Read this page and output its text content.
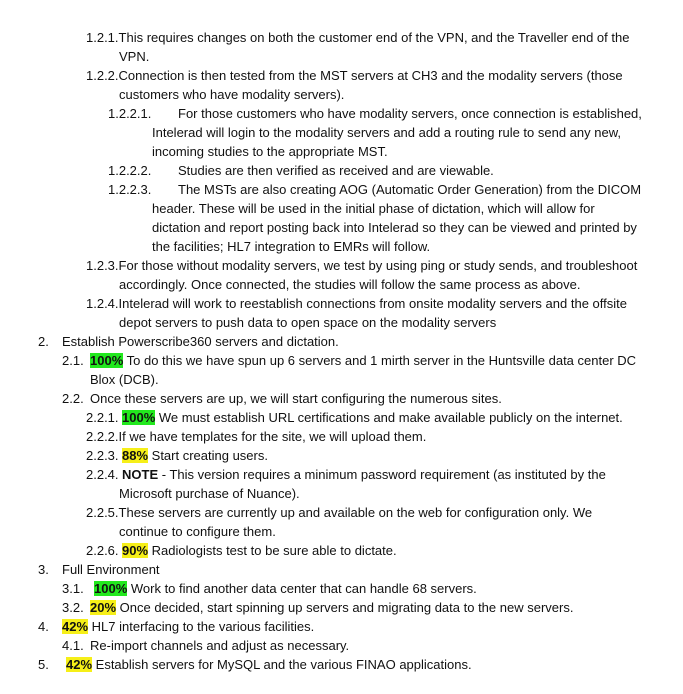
1.2.1.This requires changes on both the customer end of the VPN, and the Traveller end of the
VPN.
1.2.2.Connection is then tested from the MST servers at CH3 and the modality servers (those
customers who have modality servers).
1.2.2.1. For those customers who have modality servers, once connection is established,
Intelerad will login to the modality servers and add a routing rule to send any new,
incoming studies to the appropriate MST.
1.2.2.2. Studies are then verified as received and are viewable.
1.2.2.3. The MSTs are also creating AOG (Automatic Order Generation) from the DICOM
header. These will be used in the initial phase of dictation, which will allow for
dictation and report posting back into Intelerad so they can be viewed and printed by
the facilities; HL7 integration to EMRs will follow.
1.2.3.For those without modality servers, we test by using ping or study sends, and troubleshoot
accordingly. Once connected, the studies will follow the same process as above.
1.2.4.Intelerad will work to reestablish connections from onsite modality servers and the offsite
depot servers to push data to open space on the modality servers
2. Establish Powerscribe360 servers and dictation.
2.1. 100% To do this we have spun up 6 servers and 1 mirth server in the Huntsville data center DC
Blox (DCB).
2.2. Once these servers are up, we will start configuring the numerous sites.
2.2.1. 100% We must establish URL certifications and make available publicly on the internet.
2.2.2.If we have templates for the site, we will upload them.
2.2.3. 88% Start creating users.
2.2.4. NOTE - This version requires a minimum password requirement (as instituted by the
Microsoft purchase of Nuance).
2.2.5.These servers are currently up and available on the web for configuration only. We
continue to configure them.
2.2.6. 90% Radiologists test to be sure able to dictate.
3. Full Environment
3.1. 100% Work to find another data center that can handle 68 servers.
3.2. 20% Once decided, start spinning up servers and migrating data to the new servers.
4. 42% HL7 interfacing to the various facilities.
4.1. Re-import channels and adjust as necessary.
5. 42% Establish servers for MySQL and the various FINAO applications.
